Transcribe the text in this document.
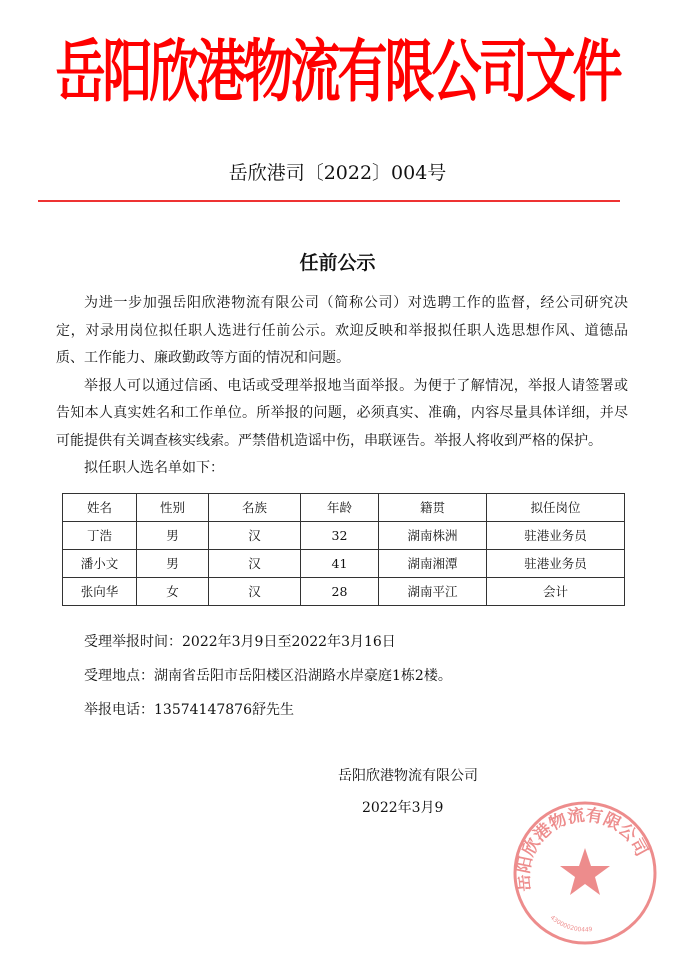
岳阳欣港物流有限公司文件
岳欣港司〔2022〕004号
任前公示

为进一步加强岳阳欣港物流有限公司（简称公司）对选聘工作的监督，经公司研究决定，对录用岗位拟任职人选进行任前公示。欢迎反映和举报拟任职人选思想作风、道德品质、工作能力、廉政勤政等方面的情况和问题。

举报人可以通过信函、电话或受理举报地当面举报。为便于了解情况，举报人请签署或告知本人真实姓名和工作单位。所举报的问题，必须真实、准确，内容尽量具体详细，并尽可能提供有关调查核实线索。严禁借机造谣中伤，串联诬告。举报人将收到严格的保护。

拟任职人选名单如下：

姓名	性别	名族	年龄	籍贯	拟任岗位
丁浩	男	汉	32	湖南株洲	驻港业务员
潘小文	男	汉	41	湖南湘潭	驻港业务员
张向华	女	汉	28	湖南平江	会计
受理举报时间：2022年3月9日至2022年3月16日
受理地点：湖南省岳阳市岳阳楼区沿湖路水岸豪庭1栋2楼。
举报电话：13574147876舒先生
岳阳欣港物流有限公司
2022年3月9
岳阳欣港物流有限公司
430000200449
